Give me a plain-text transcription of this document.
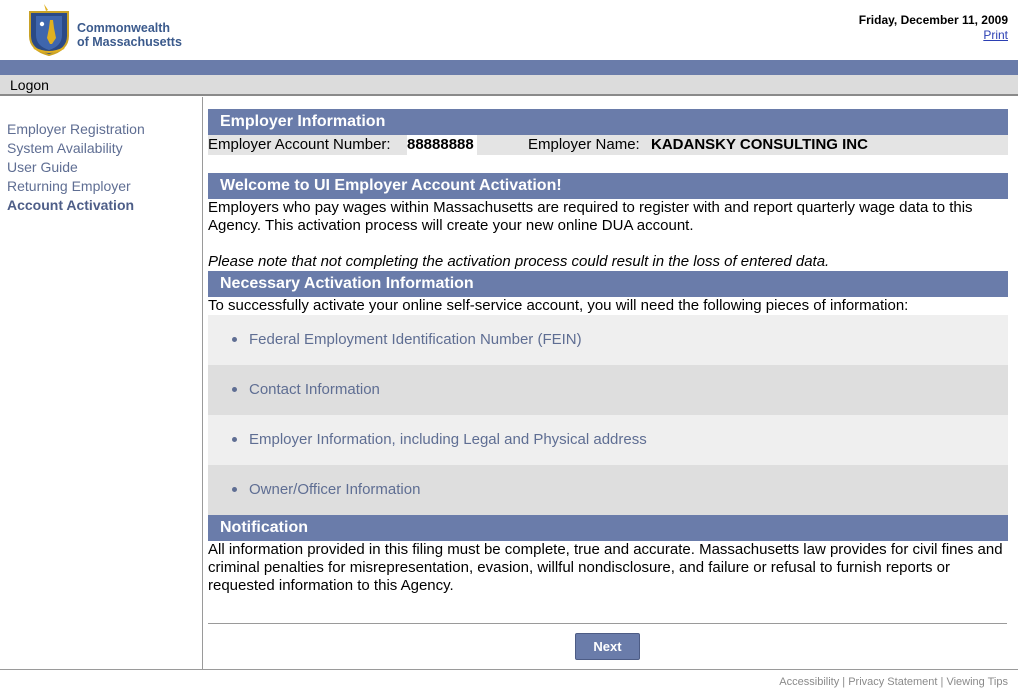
Commonwealth
of Massachusetts
Friday, December 11, 2009
Print
Logon
Employer Registration
System Availability
User Guide
Returning Employer
Account Activation
Employer Information
Employer Account Number: 88888888	Employer Name: KADANSKY CONSULTING INC
Welcome to UI Employer Account Activation!
Employers who pay wages within Massachusetts are required to register with and report quarterly wage data to this Agency. This activation process will create your new online DUA account.
Please note that not completing the activation process could result in the loss of entered data.
Necessary Activation Information
To successfully activate your online self-service account, you will need the following pieces of information:
Federal Employment Identification Number (FEIN)
Contact Information
Employer Information, including Legal and Physical address
Owner/Officer Information
Notification
All information provided in this filing must be complete, true and accurate. Massachusetts law provides for civil fines and criminal penalties for misrepresentation, evasion, willful nondisclosure, and failure or refusal to furnish reports or requested information to this Agency.
Next
Accessibility | Privacy Statement | Viewing Tips
